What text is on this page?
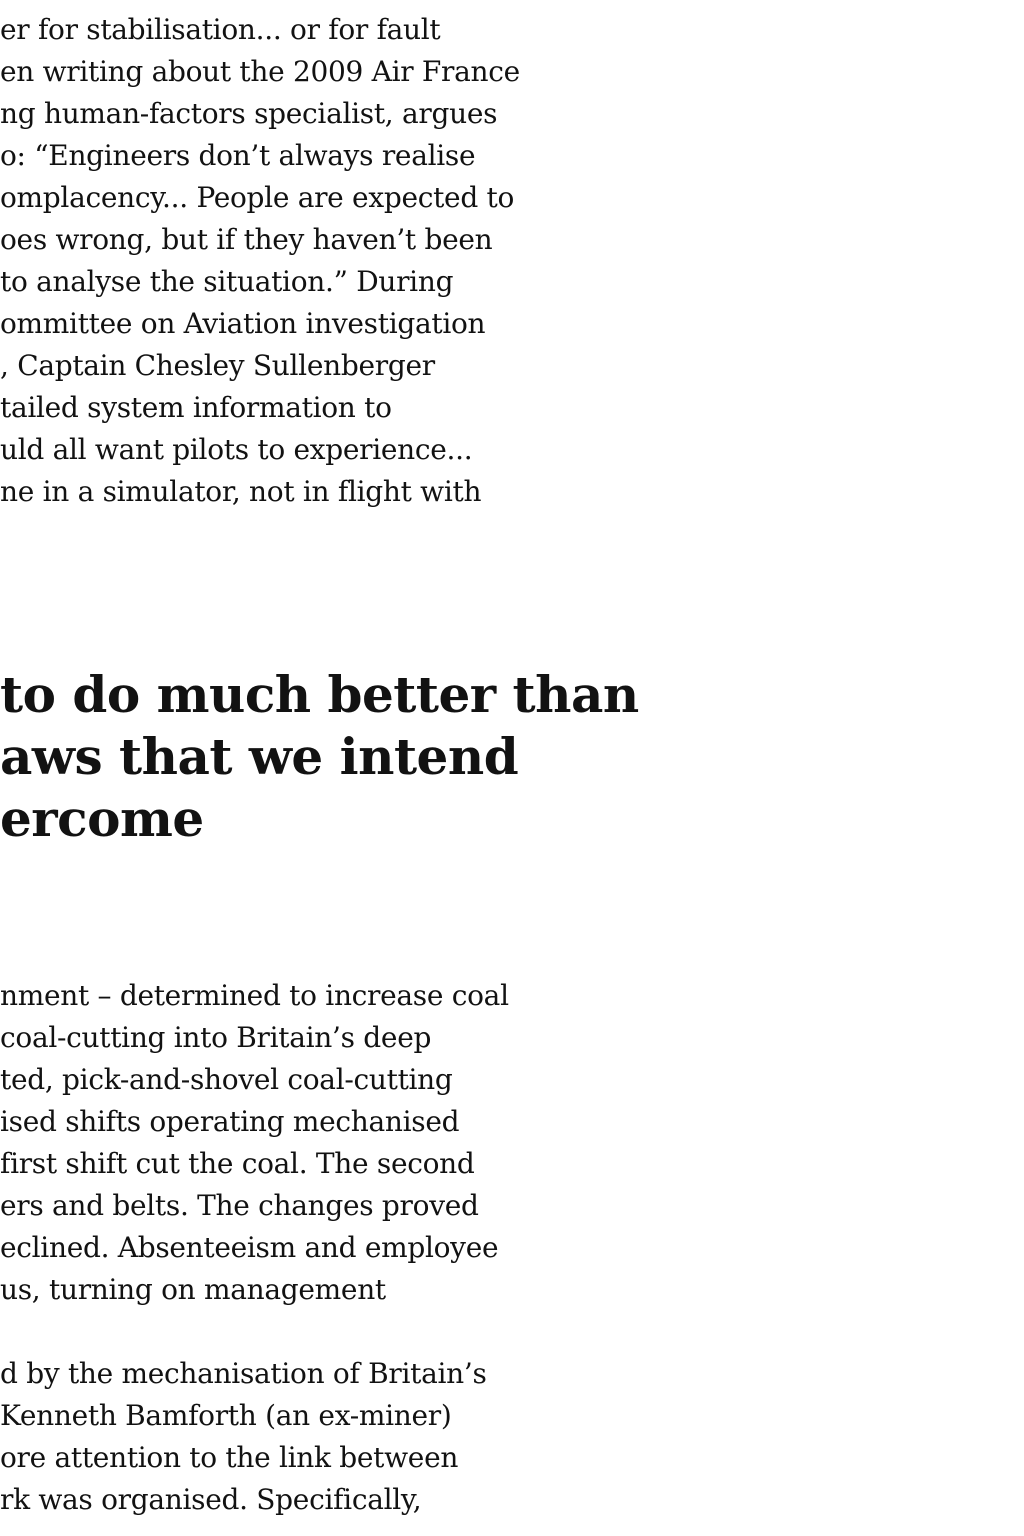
er for stabilisation... or for fault
en writing about the 2009 Air France
ng human-factors specialist, argues
o: “Engineers don’t always realise
omplacency... People are expected to
oes wrong, but if they haven’t been
to analyse the situation.” During
ommittee on Aviation investigation
, Captain Chesley Sullenberger
tailed system information to
uld all want pilots to experience...
ne in a simulator, not in flight with
to do much better than
aws that we intend
ercome
nment – determined to increase coal
coal-cutting into Britain’s deep
ted, pick-and-shovel coal-cutting
ised shifts operating mechanised
first shift cut the coal. The second
ers and belts. The changes proved
eclined. Absenteeism and employee
us, turning on management
d by the mechanisation of Britain’s
Kenneth Bamforth (an ex-miner)
ore attention to the link between
rk was organised. Specifically,
